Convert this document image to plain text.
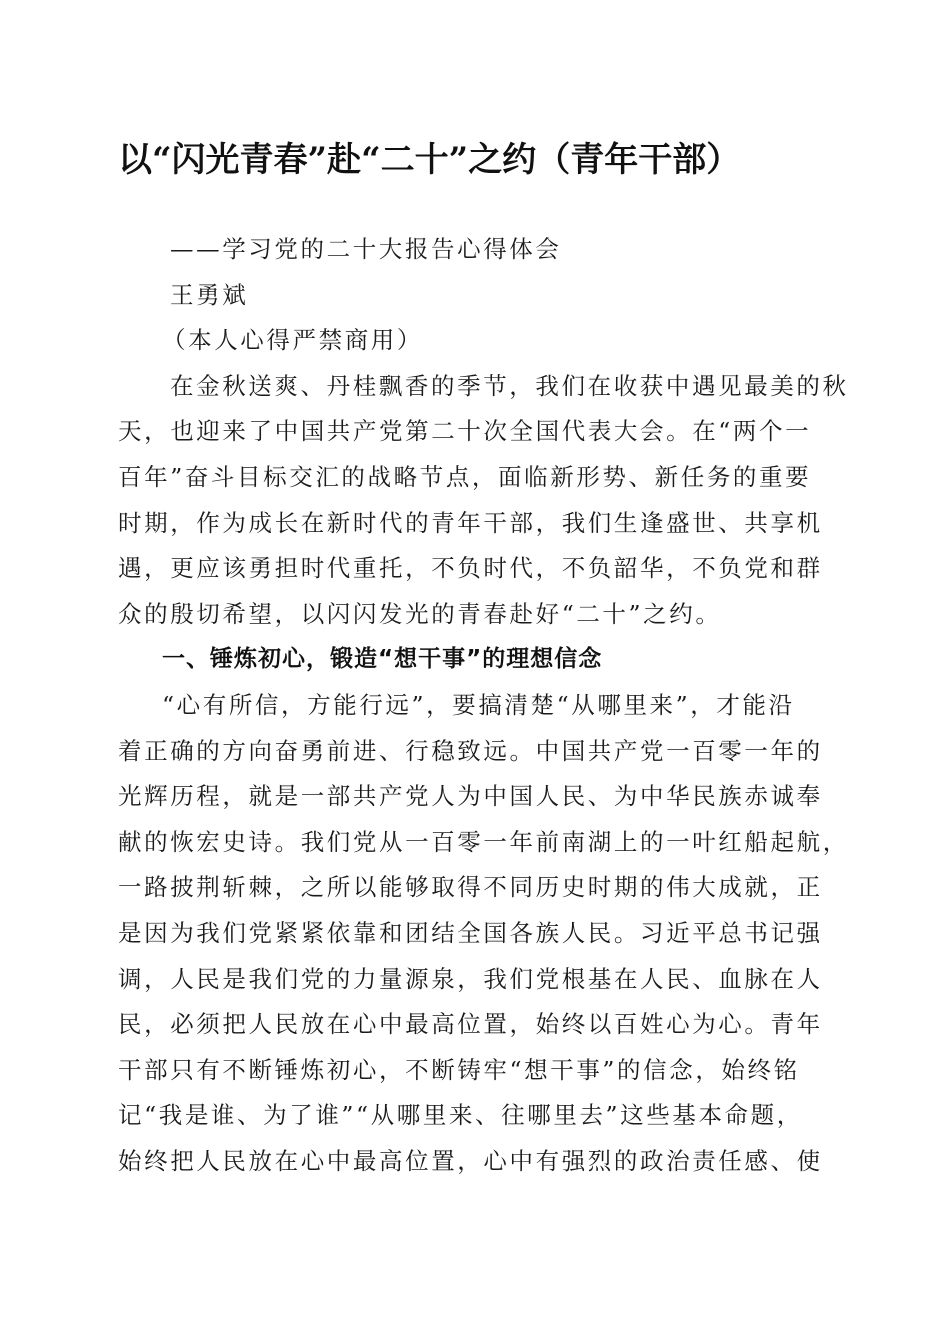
以“闪光青春”赴“二十”之约（青年干部）
——学习党的二十大报告心得体会
王勇斌
（本人心得严禁商用）
在金秋送爽、丹桂飘香的季节，我们在收获中遇见最美的秋
天，也迎来了中国共产党第二十次全国代表大会。在“两个一
百年”奋斗目标交汇的战略节点，面临新形势、新任务的重要
时期，作为成长在新时代的青年干部，我们生逢盛世、共享机
遇，更应该勇担时代重托，不负时代，不负韶华，不负党和群
众的殷切希望，以闪闪发光的青春赴好“二十”之约。
一、锤炼初心，锻造“想干事”的理想信念
“心有所信，方能行远”，要搞清楚“从哪里来”，才能沿
着正确的方向奋勇前进、行稳致远。中国共产党一百零一年的
光辉历程，就是一部共产党人为中国人民、为中华民族赤诚奉
献的恢宏史诗。我们党从一百零一年前南湖上的一叶红船起航，
一路披荆斩棘，之所以能够取得不同历史时期的伟大成就，正
是因为我们党紧紧依靠和团结全国各族人民。习近平总书记强
调，人民是我们党的力量源泉，我们党根基在人民、血脉在人
民，必须把人民放在心中最高位置，始终以百姓心为心。青年
干部只有不断锤炼初心，不断铸牢“想干事”的信念，始终铭
记“我是谁、为了谁”“从哪里来、往哪里去”这些基本命题，
始终把人民放在心中最高位置，心中有强烈的政治责任感、使
